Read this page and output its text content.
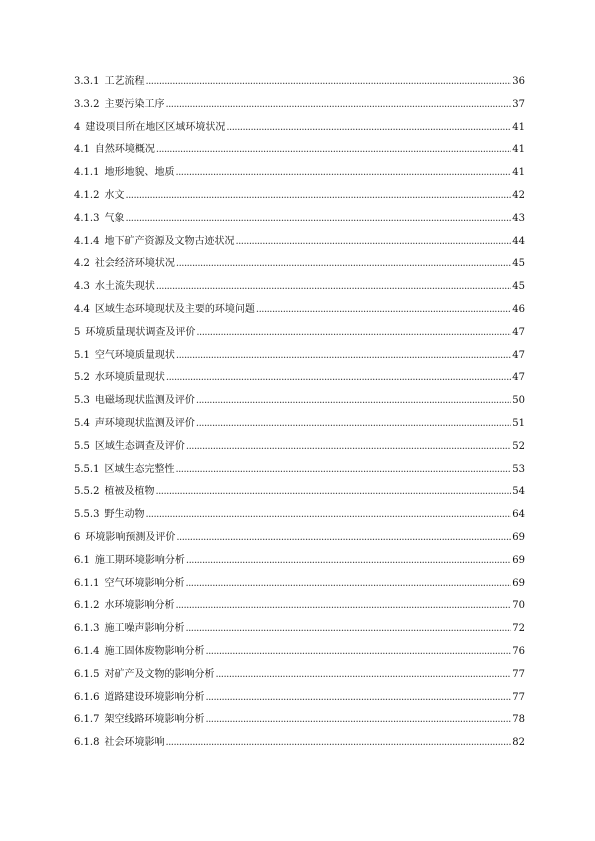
3.3.1 工艺流程 .....	36
3.3.2 主要污染工序 .....	37
4 建设项目所在地区区域环境状况 .....	41
4.1 自然环境概况 .....	41
4.1.1 地形地貌、地质 .....	41
4.1.2 水文 .....	42
4.1.3 气象 .....	43
4.1.4 地下矿产资源及文物古迹状况 .....	44
4.2 社会经济环境状况 .....	45
4.3 水土流失现状 .....	45
4.4 区域生态环境现状及主要的环境问题 .....	46
5 环境质量现状调查及评价 .....	47
5.1 空气环境质量现状 .....	47
5.2 水环境质量现状 .....	47
5.3 电磁场现状监测及评价 .....	50
5.4 声环境现状监测及评价 .....	51
5.5 区域生态调查及评价 .....	52
5.5.1 区域生态完整性 .....	53
5.5.2 植被及植物 .....	54
5.5.3 野生动物 .....	64
6 环境影响预测及评价 .....	69
6.1 施工期环境影响分析 .....	69
6.1.1 空气环境影响分析 .....	69
6.1.2 水环境影响分析 .....	70
6.1.3 施工噪声影响分析 .....	72
6.1.4 施工固体废物影响分析 .....	76
6.1.5 对矿产及文物的影响分析 .....	77
6.1.6 道路建设环境影响分析 .....	77
6.1.7 架空线路环境影响分析 .....	78
6.1.8 社会环境影响 .....	82
